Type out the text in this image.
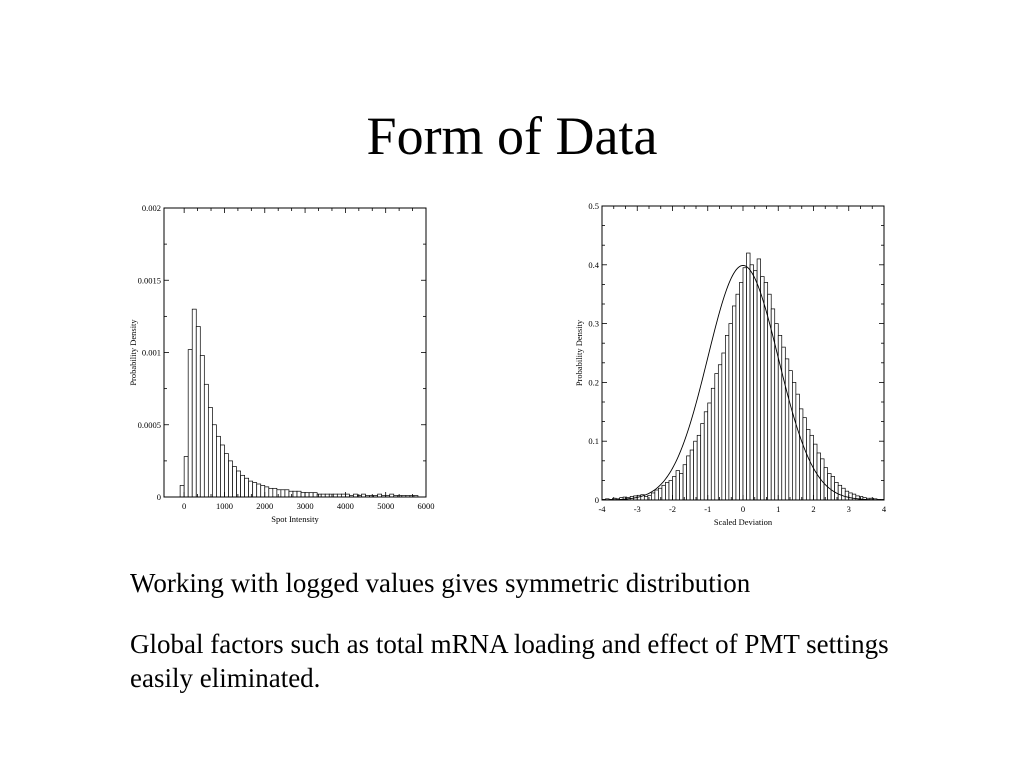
Form of Data
0	1000	2000	3000	4000	5000	6000
0
0.0005
0.001
0.0015
0.002
Spot Intensity
Probability Density
-4	-3	-2	-1	0	1	2	3	4
0
0.1
0.2
0.3
0.4
0.5
Scaled Deviation
Probability Density
Working with logged values gives symmetric distribution
Global factors such as total mRNA loading and effect of PMT settings easily eliminated.
